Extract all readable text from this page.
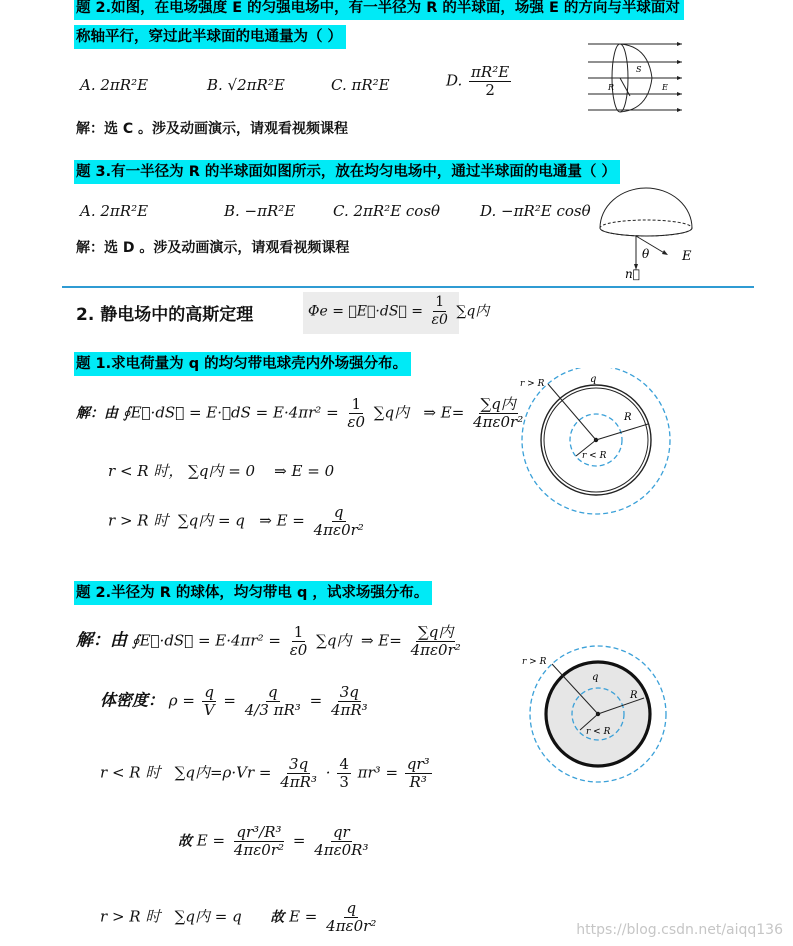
题 2.如图，在电场强度 E 的匀强电场中，有一半径为 R 的半球面，场强 E 的方向与半球面对
称轴平行，穿过此半球面的电通量为（ ）
A. 2πR²E	B. √2πR²E	C. πR²E	D. $\frac{\text{πR²E}}{2}$
解：选 C 。涉及动画演示，请观看视频课程
S
R	E
题 3.有一半径为 R 的半球面如图所示，放在均匀电场中，通过半球面的电通量（ ）
A. 2πR²E	B. −πR²E	C. 2πR²E cosθ	D. −πR²E cosθ
解：选 D 。涉及动画演示，请观看视频课程	θ	E
n⃗
2. 静电场中的高斯定理	Φe = ∮E⃗·dS⃗ = $\frac{1}{\varepsilon 0} \sum q$内
题 1.求电荷量为 q 的均匀带电球壳内外场强分布。
解：由 ∮E⃗·dS⃗ = E·∮dS = $E\cdot 4\pi r^2 = \frac{1}{\varepsilon 0} \sum q$内 ⇒ $E= \frac{\text{∑q内}}{\text{4πε0r²}}$
r < R 时， ∑q内 = 0 ⇒ E = 0
r > R 时 ∑q内 = q ⇒ $E = \frac{q}{\text{4πε0r²}}$
r > R	q
R
r < R
题 2.半径为 R 的球体，均匀带电 q ，试求场强分布。
解：由 ∮E⃗·dS⃗ = $E\cdot 4\pi r^2 = \frac{1}{\varepsilon 0} \sum q$内 ⇒ $E= \frac{\text{∑q内}}{\text{4πε0r²}}$
体密度： $\rho = \frac{q}{V} = \frac{q}{\text{4/3 πR³}} = \frac{3q}{\text{4πR³}}$
r < R 时 ∑q内$=\rho\cdot Vr = \frac{3q}{\text{4πR³}} \cdot \frac{4}{3} \pi r^3 = \frac{\text{qr³}}{\text{R³}}$
故 $E = \frac{\text{qr³/R³}}{\text{4πε0r²}} = \frac{qr}{\text{4πε0R³}}$
r > R 时 ∑q内 = q 故 $E = \frac{q}{\text{4πε0r²}}$
r > R
q
R
r < R
https://blog.csdn.net/aiqq136
